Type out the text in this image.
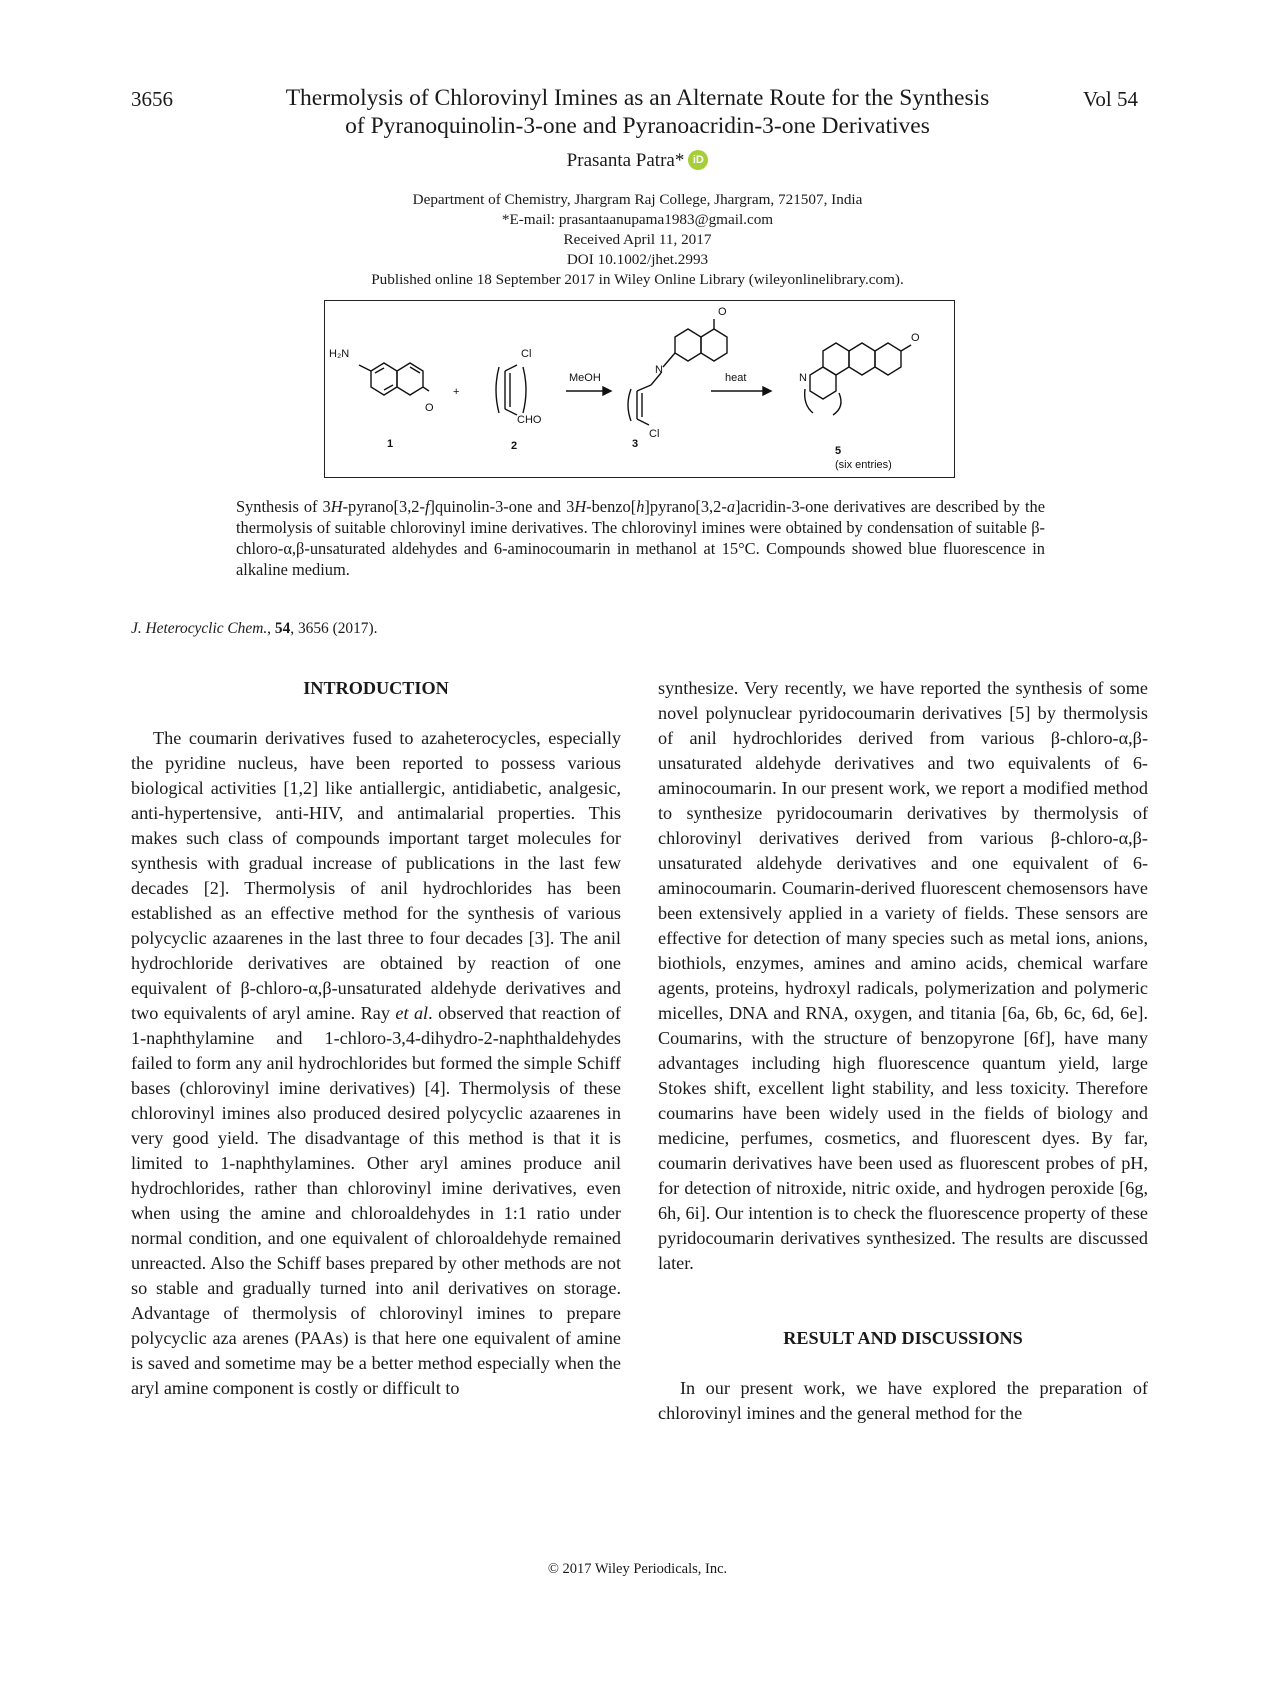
3656	Vol 54
Thermolysis of Chlorovinyl Imines as an Alternate Route for the Synthesis
of Pyranoquinolin-3-one and Pyranoacridin-3-one Derivatives
Prasanta Patra* iD
Department of Chemistry, Jhargram Raj College, Jhargram, 721507, India
*E-mail: prasantaanupama1983@gmail.com
Received April 11, 2017
DOI 10.1002/jhet.2993
Published online 18 September 2017 in Wiley Online Library (wileyonlinelibrary.com).
H₂N
O
+
Cl
CHO
MeOH
O
N
Cl
heat
O
N
1	2	3
5
(six entries)
Synthesis of 3H-pyrano[3,2-f]quinolin-3-one and 3H-benzo[h]pyrano[3,2-a]acridin-3-one derivatives are described by the thermolysis of suitable chlorovinyl imine derivatives. The chlorovinyl imines were obtained by condensation of suitable β-chloro-α,β-unsaturated aldehydes and 6-aminocoumarin in methanol at 15°C. Compounds showed blue fluorescence in alkaline medium.
J. Heterocyclic Chem., 54, 3656 (2017).
INTRODUCTION

The coumarin derivatives fused to azaheterocycles, especially the pyridine nucleus, have been reported to possess various biological activities [1,2] like antiallergic, antidiabetic, analgesic, anti-hypertensive, anti-HIV, and antimalarial properties. This makes such class of compounds important target molecules for synthesis with gradual increase of publications in the last few decades [2]. Thermolysis of anil hydrochlorides has been established as an effective method for the synthesis of various polycyclic azaarenes in the last three to four decades [3]. The anil hydrochloride derivatives are obtained by reaction of one equivalent of β-chloro-α,β-unsaturated aldehyde derivatives and two equivalents of aryl amine. Ray et al. observed that reaction of 1-naphthylamine and 1-chloro-3,4-dihydro-2-naphthaldehydes failed to form any anil hydrochlorides but formed the simple Schiff bases (chlorovinyl imine derivatives) [4]. Thermolysis of these chlorovinyl imines also produced desired polycyclic azaarenes in very good yield. The disadvantage of this method is that it is limited to 1-naphthylamines. Other aryl amines produce anil hydrochlorides, rather than chlorovinyl imine derivatives, even when using the amine and chloroaldehydes in 1:1 ratio under normal condition, and one equivalent of chloroaldehyde remained unreacted. Also the Schiff bases prepared by other methods are not so stable and gradually turned into anil derivatives on storage. Advantage of thermolysis of chlorovinyl imines to prepare polycyclic aza arenes (PAAs) is that here one equivalent of amine is saved and sometime may be a better method especially when the aryl amine component is costly or difficult to

synthesize. Very recently, we have reported the synthesis of some novel polynuclear pyridocoumarin derivatives [5] by thermolysis of anil hydrochlorides derived from various β-chloro-α,β-unsaturated aldehyde derivatives and two equivalents of 6-aminocoumarin. In our present work, we report a modified method to synthesize pyridocoumarin derivatives by thermolysis of chlorovinyl derivatives derived from various β-chloro-α,β-unsaturated aldehyde derivatives and one equivalent of 6-aminocoumarin. Coumarin-derived fluorescent chemosensors have been extensively applied in a variety of fields. These sensors are effective for detection of many species such as metal ions, anions, biothiols, enzymes, amines and amino acids, chemical warfare agents, proteins, hydroxyl radicals, polymerization and polymeric micelles, DNA and RNA, oxygen, and titania [6a, 6b, 6c, 6d, 6e]. Coumarins, with the structure of benzopyrone [6f], have many advantages including high fluorescence quantum yield, large Stokes shift, excellent light stability, and less toxicity. Therefore coumarins have been widely used in the fields of biology and medicine, perfumes, cosmetics, and fluorescent dyes. By far, coumarin derivatives have been used as fluorescent probes of pH, for detection of nitroxide, nitric oxide, and hydrogen peroxide [6g, 6h, 6i]. Our intention is to check the fluorescence property of these pyridocoumarin derivatives synthesized. The results are discussed later.

RESULT AND DISCUSSIONS

In our present work, we have explored the preparation of chlorovinyl imines and the general method for the

© 2017 Wiley Periodicals, Inc.
